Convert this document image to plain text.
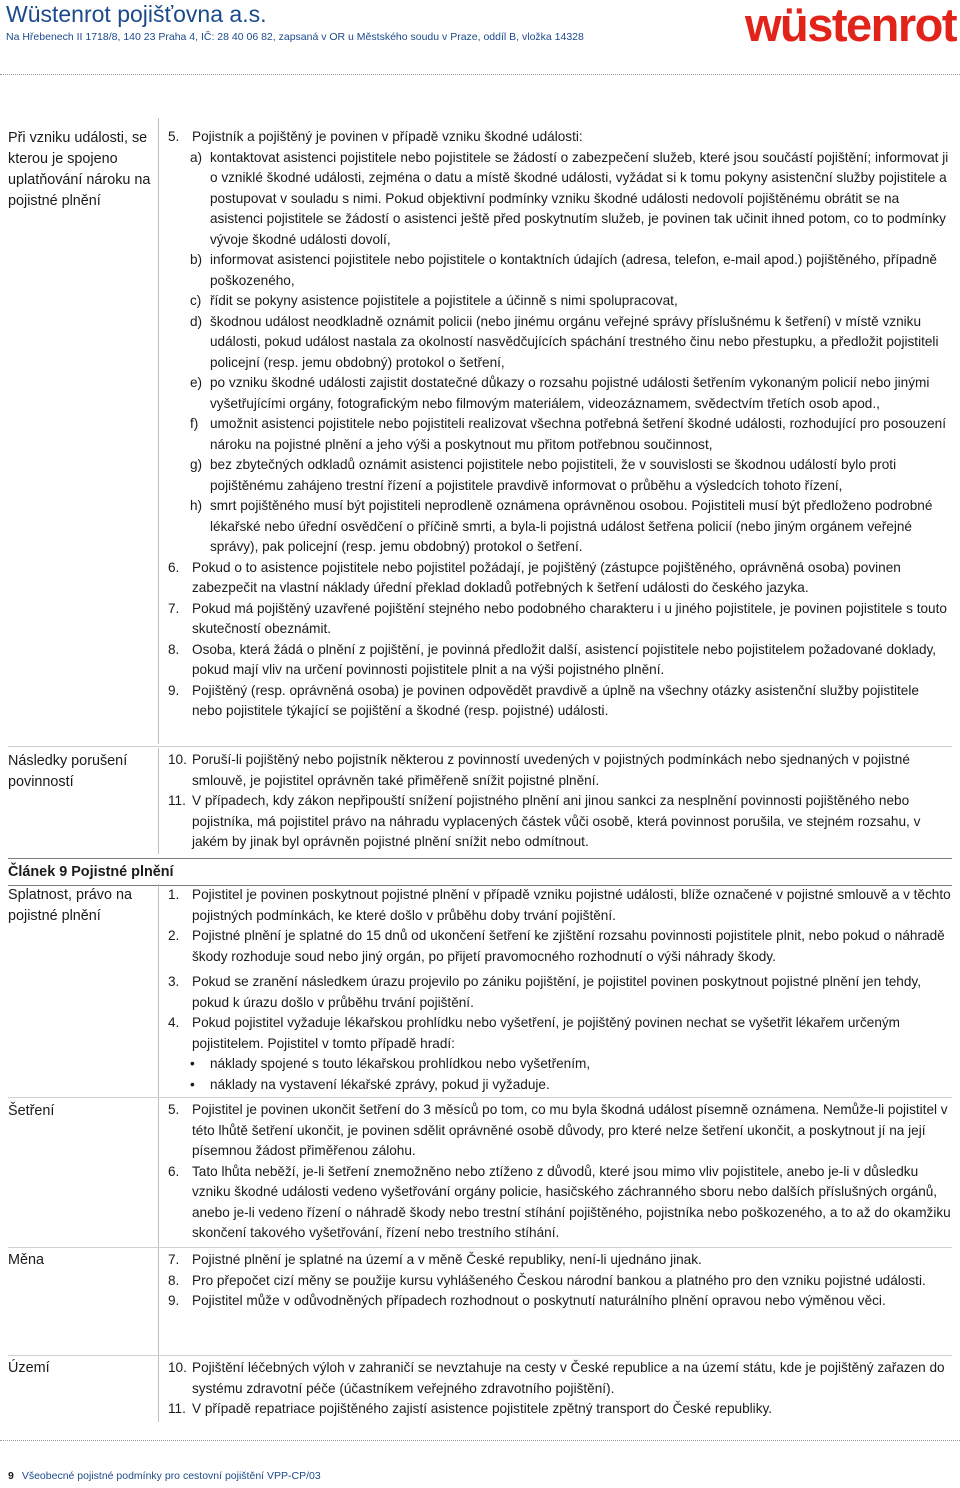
Wüstenrot pojišťovna a.s.
Na Hřebenech II 1718/8, 140 23 Praha 4, IČ: 28 40 06 82, zapsaná v OR u Městského soudu v Praze, oddíl B, vložka 14328	wüstenrot
Při vzniku události, se kterou je spojeno uplatňování nároku na pojistné plnění
Následky porušení povinností
Článek 9 Pojistné plnění
Splatnost, právo na pojistné plnění
Šetření
Měna
Území
5. Pojistník a pojištěný je povinen v případě vzniku škodné události:
a) kontaktovat asistenci pojistitele nebo pojistitele se žádostí o zabezpečení služeb, které jsou součástí pojištění; informovat ji o vzniklé škodné události, zejména o datu a místě škodné události, vyžádat si k tomu pokyny asistenční služby pojistitele a postupovat v souladu s nimi. Pokud objektivní podmínky vzniku škodné události nedovolí pojištěnému obrátit se na asistenci pojistitele se žádostí o asistenci ještě před poskytnutím služeb, je povinen tak učinit ihned potom, co to podmínky vývoje škodné události dovolí,
b) informovat asistenci pojistitele nebo pojistitele o kontaktních údajích (adresa, telefon, e-mail apod.) pojištěného, případně poškozeného,
c) řídit se pokyny asistence pojistitele a pojistitele a účinně s nimi spolupracovat,
d) škodnou událost neodkladně oznámit policii (nebo jinému orgánu veřejné správy příslušnému k šetření) v místě vzniku události, pokud událost nastala za okolností nasvědčujících spáchání trestného činu nebo přestupku, a předložit pojistiteli policejní (resp. jemu obdobný) protokol o šetření,
e) po vzniku škodné události zajistit dostatečné důkazy o rozsahu pojistné události šetřením vykonaným policií nebo jinými vyšetřujícími orgány, fotografickým nebo filmovým materiálem, videozáznamem, svědectvím třetích osob apod.,
f) umožnit asistenci pojistitele nebo pojistiteli realizovat všechna potřebná šetření škodné události, rozhodující pro posouzení nároku na pojistné plnění a jeho výši a poskytnout mu přitom potřebnou součinnost,
g) bez zbytečných odkladů oznámit asistenci pojistitele nebo pojistiteli, že v souvislosti se škodnou událostí bylo proti pojištěnému zahájeno trestní řízení a pojistitele pravdivě informovat o průběhu a výsledcích tohoto řízení,
h) smrt pojištěného musí být pojistiteli neprodleně oznámena oprávněnou osobou. Pojistiteli musí být předloženo podrobné lékařské nebo úřední osvědčení o příčině smrti, a byla-li pojistná událost šetřena policií (nebo jiným orgánem veřejné správy), pak policejní (resp. jemu obdobný) protokol o šetření.
6. Pokud o to asistence pojistitele nebo pojistitel požádají, je pojištěný (zástupce pojištěného, oprávněná osoba) povinen zabezpečit na vlastní náklady úřední překlad dokladů potřebných k šetření události do českého jazyka.
7. Pokud má pojištěný uzavřené pojištění stejného nebo podobného charakteru i u jiného pojistitele, je povinen pojistitele s touto skutečností obeznámit.
8. Osoba, která žádá o plnění z pojištění, je povinná předložit další, asistencí pojistitele nebo pojistitelem požadované doklady, pokud mají vliv na určení povinnosti pojistitele plnit a na výši pojistného plnění.
9. Pojištěný (resp. oprávněná osoba) je povinen odpovědět pravdivě a úplně na všechny otázky asistenční služby pojistitele nebo pojistitele týkající se pojištění a škodné (resp. pojistné) události.
10. Poruší-li pojištěný nebo pojistník některou z povinností uvedených v pojistných podmínkách nebo sjednaných v pojistné smlouvě, je pojistitel oprávněn také přiměřeně snížit pojistné plnění.
11. V případech, kdy zákon nepřipouští snížení pojistného plnění ani jinou sankci za nesplnění povinnosti pojištěného nebo pojistníka, má pojistitel právo na náhradu vyplacených částek vůči osobě, která povinnost porušila, ve stejném rozsahu, v jakém by jinak byl oprávněn pojistné plnění snížit nebo odmítnout.
1. Pojistitel je povinen poskytnout pojistné plnění v případě vzniku pojistné události, blíže označené v pojistné smlouvě a v těchto pojistných podmínkách, ke které došlo v průběhu doby trvání pojištění.
2. Pojistné plnění je splatné do 15 dnů od ukončení šetření ke zjištění rozsahu povinnosti pojistitele plnit, nebo pokud o náhradě škody rozhoduje soud nebo jiný orgán, po přijetí pravomocného rozhodnutí o výši náhrady škody.
3. Pokud se zranění následkem úrazu projevilo po zániku pojištění, je pojistitel povinen poskytnout pojistné plnění jen tehdy, pokud k úrazu došlo v průběhu trvání pojištění.
4. Pokud pojistitel vyžaduje lékařskou prohlídku nebo vyšetření, je pojištěný povinen nechat se vyšetřit lékařem určeným pojistitelem. Pojistitel v tomto případě hradí:
• náklady spojené s touto lékařskou prohlídkou nebo vyšetřením,
• náklady na vystavení lékařské zprávy, pokud ji vyžaduje.
5. Pojistitel je povinen ukončit šetření do 3 měsíců po tom, co mu byla škodná událost písemně oznámena. Nemůže-li pojistitel v této lhůtě šetření ukončit, je povinen sdělit oprávněné osobě důvody, pro které nelze šetření ukončit, a poskytnout jí na její písemnou žádost přiměřenou zálohu.
6. Tato lhůta neběží, je-li šetření znemožněno nebo ztíženo z důvodů, které jsou mimo vliv pojistitele, anebo je-li v důsledku vzniku škodné události vedeno vyšetřování orgány policie, hasičského záchranného sboru nebo dalších příslušných orgánů, anebo je-li vedeno řízení o náhradě škody nebo trestní stíhání pojištěného, pojistníka nebo poškozeného, a to až do okamžiku skončení takového vyšetřování, řízení nebo trestního stíhání.
7. Pojistné plnění je splatné na území a v měně České republiky, není-li ujednáno jinak.
8. Pro přepočet cizí měny se použije kursu vyhlášeného Českou národní bankou a platného pro den vzniku pojistné události.
9. Pojistitel může v odůvodněných případech rozhodnout o poskytnutí naturálního plnění opravou nebo výměnou věci.
10. Pojištění léčebných výloh v zahraničí se nevztahuje na cesty v České republice a na území státu, kde je pojištěný zařazen do systému zdravotní péče (účastníkem veřejného zdravotního pojištění).
11. V případě repatriace pojištěného zajistí asistence pojistitele zpětný transport do České republiky.
9 Všeobecné pojistné podmínky pro cestovní pojištění VPP-CP/03
